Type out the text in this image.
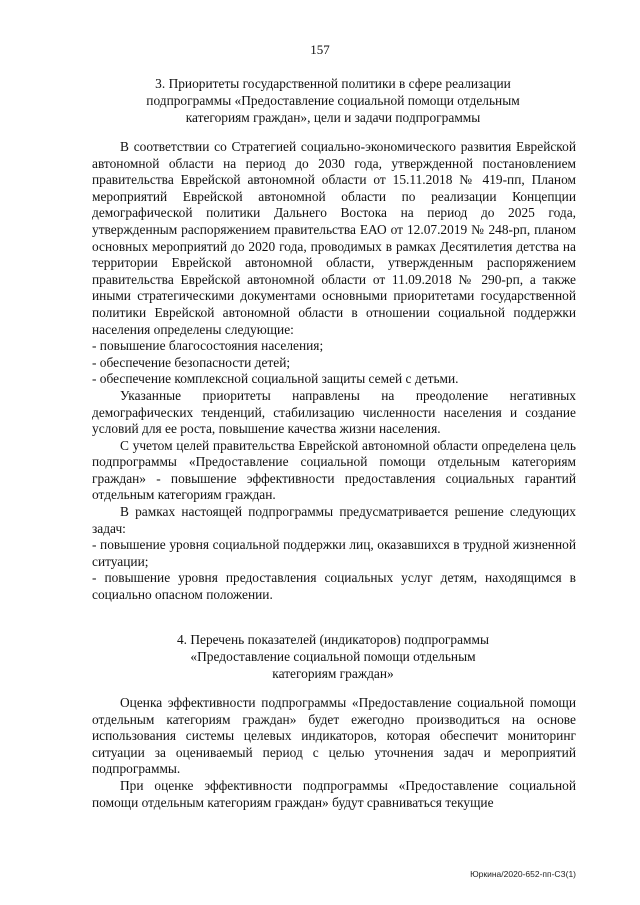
157
3. Приоритеты государственной политики в сфере реализации
подпрограммы «Предоставление социальной помощи отдельным
категориям граждан», цели и задачи подпрограммы
В соответствии со Стратегией социально-экономического развития Еврейской автономной области на период до 2030 года, утвержденной постановлением правительства Еврейской автономной области от 15.11.2018 № 419-пп, Планом мероприятий Еврейской автономной области по реализации Концепции демографической политики Дальнего Востока на период до 2025 года, утвержденным распоряжением правительства ЕАО от 12.07.2019 № 248-рп, планом основных мероприятий до 2020 года, проводимых в рамках Десятилетия детства на территории Еврейской автономной области, утвержденным распоряжением правительства Еврейской автономной области от 11.09.2018 № 290-рп, а также иными стратегическими документами основными приоритетами государственной политики Еврейской автономной области в отношении социальной поддержки населения определены следующие:
- повышение благосостояния населения;
- обеспечение безопасности детей;
- обеспечение комплексной социальной защиты семей с детьми.
Указанные приоритеты направлены на преодоление негативных демографических тенденций, стабилизацию численности населения и создание условий для ее роста, повышение качества жизни населения.
С учетом целей правительства Еврейской автономной области определена цель подпрограммы «Предоставление социальной помощи отдельным категориям граждан» - повышение эффективности предоставления социальных гарантий отдельным категориям граждан.
В рамках настоящей подпрограммы предусматривается решение следующих задач:
- повышение уровня социальной поддержки лиц, оказавшихся в трудной жизненной ситуации;
- повышение уровня предоставления социальных услуг детям, находящимся в социально опасном положении.
4. Перечень показателей (индикаторов) подпрограммы
«Предоставление социальной помощи отдельным
категориям граждан»
Оценка эффективности подпрограммы «Предоставление социальной помощи отдельным категориям граждан» будет ежегодно производиться на основе использования системы целевых индикаторов, которая обеспечит мониторинг ситуации за оцениваемый период с целью уточнения задач и мероприятий подпрограммы.
При оценке эффективности подпрограммы «Предоставление социальной помощи отдельным категориям граждан» будут сравниваться текущие
Юркина/2020-652-пп-СЗ(1)
